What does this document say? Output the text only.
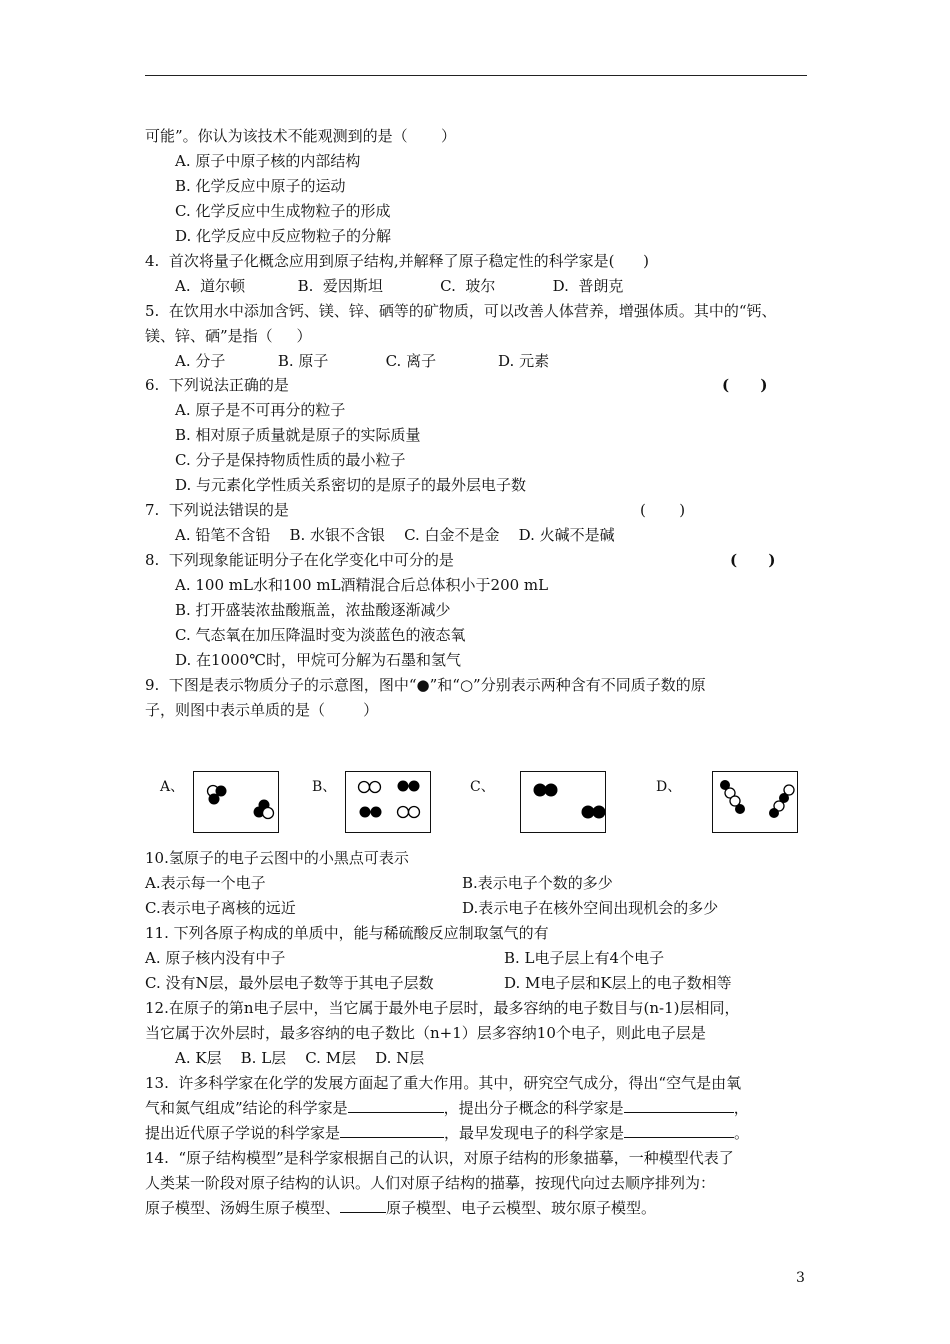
可能”。你认为该技术不能观测到的是（       ）
A. 原子中原子核的内部结构
B. 化学反应中原子的运动
C. 化学反应中生成物粒子的形成
D. 化学反应中反应物粒子的分解
4.  首次将量子化概念应用到原子结构,并解释了原子稳定性的科学家是(      )
A.  道尔顿           B.  爱因斯坦            C.  玻尔            D.  普朗克
5.  在饮用水中添加含钙、镁、锌、硒等的矿物质，可以改善人体营养，增强体质。其中的“钙、
镁、锌、硒”是指（     ）
A. 分子           B. 原子            C. 离子             D. 元素
6.  下列说法正确的是	(      )
A. 原子是不可再分的粒子
B. 相对原子质量就是原子的实际质量
C. 分子是保持物质性质的最小粒子
D. 与元素化学性质关系密切的是原子的最外层电子数
7.  下列说法错误的是	(       )
A. 铅笔不含铅    B. 水银不含银    C. 白金不是金    D. 火碱不是碱
8.  下列现象能证明分子在化学变化中可分的是	(      )
A. 100 mL水和100 mL酒精混合后总体积小于200 mL
B. 打开盛装浓盐酸瓶盖，浓盐酸逐渐减少
C. 气态氧在加压降温时变为淡蓝色的液态氧
D. 在1000℃时，甲烷可分解为石墨和氢气
9.  下图是表示物质分子的示意图，图中“●”和“○”分别表示两种含有不同质子数的原
子，则图中表示单质的是（        ）
A、	B、	C、	D、
10.氢原子的电子云图中的小黑点可表示
A.表示每一个电子	B.表示电子个数的多少
C.表示电子离核的远近	D.表示电子在核外空间出现机会的多少
11. 下列各原子构成的单质中，能与稀硫酸反应制取氢气的有
A. 原子核内没有中子	B. L电子层上有4个电子
C. 没有N层，最外层电子数等于其电子层数	D. M电子层和K层上的电子数相等
12.在原子的第n电子层中，当它属于最外电子层时，最多容纳的电子数目与(n-1)层相同，
当它属于次外层时，最多容纳的电子数比（n+1）层多容纳10个电子，则此电子层是
A. K层    B. L层    C. M层    D. N层
13.  许多科学家在化学的发展方面起了重大作用。其中，研究空气成分，得出“空气是由氧
气和氮气组成”结论的科学家是	，提出分子概念的科学家是	，
提出近代原子学说的科学家是	，最早发现电子的科学家是	。
14.  “原子结构模型”是科学家根据自己的认识，对原子结构的形象描摹，一种模型代表了
人类某一阶段对原子结构的认识。人们对原子结构的描摹，按现代向过去顺序排列为：
原子模型、汤姆生原子模型、	原子模型、电子云模型、玻尔原子模型。
3
